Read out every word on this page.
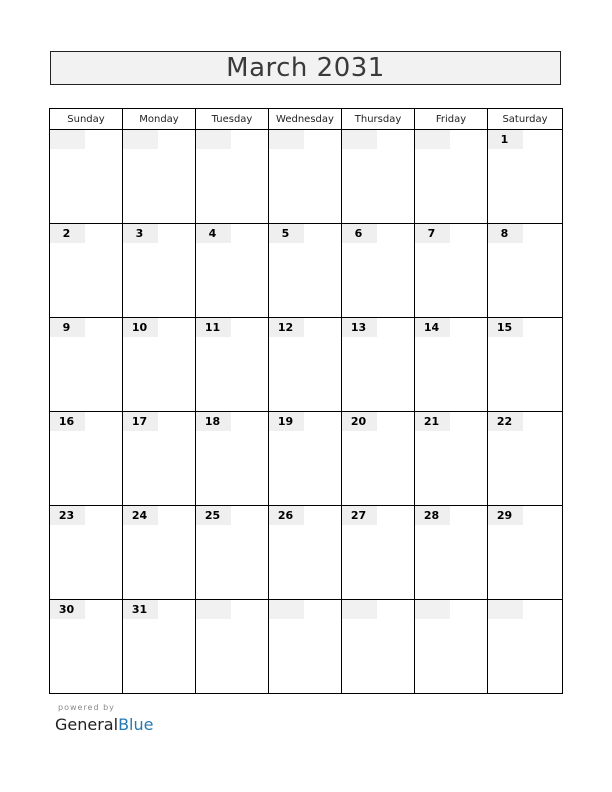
March 2031
Sunday	Monday	Tuesday	Wednesday	Thursday	Friday	Saturday

						1

2	3	4	5	6	7	8

9	10	11	12	13	14	15

16	17	18	19	20	21	22

23	24	25	26	27	28	29

30	31					

powered by
GeneralBlue
